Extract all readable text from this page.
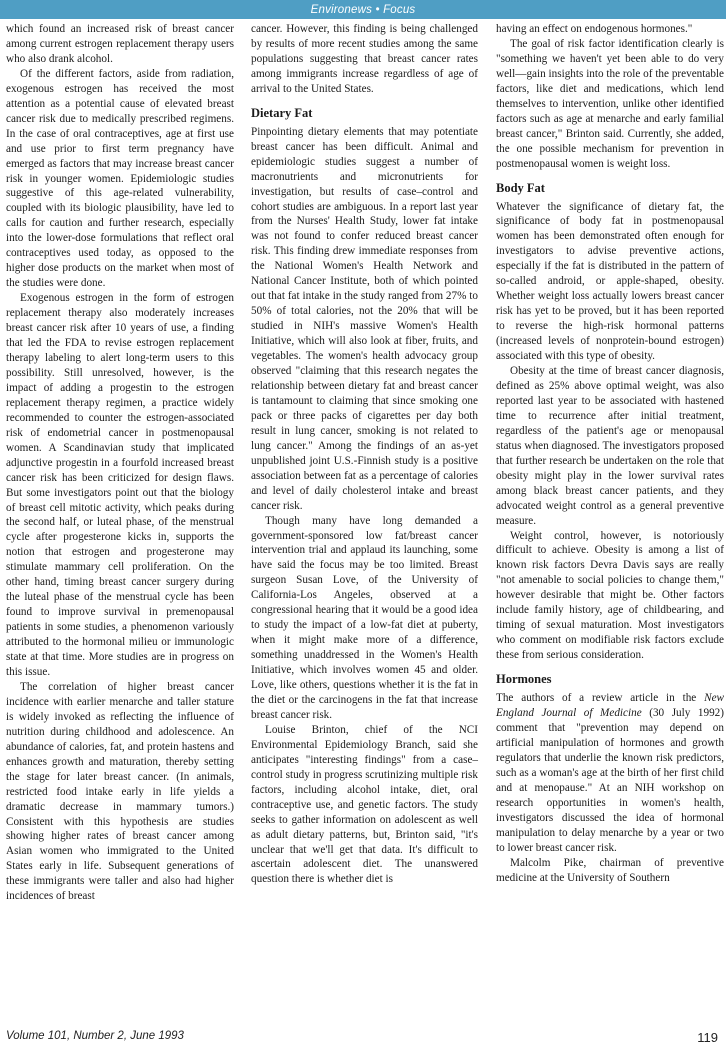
Environews • Focus

which found an increased risk of breast cancer among current estrogen replacement therapy users who also drank alcohol.

Of the different factors, aside from radiation, exogenous estrogen has received the most attention as a potential cause of elevated breast cancer risk due to medically prescribed regimens. In the case of oral contraceptives, age at first use and use prior to first term pregnancy have emerged as factors that may increase breast cancer risk in younger women. Epidemiologic studies suggestive of this age-related vulnerability, coupled with its biologic plausibility, have led to calls for caution and further research, especially into the lower-dose formulations that reflect oral contraceptives used today, as opposed to the higher dose products on the market when most of the studies were done.

Exogenous estrogen in the form of estrogen replacement therapy also moderately increases breast cancer risk after 10 years of use, a finding that led the FDA to revise estrogen replacement therapy labeling to alert long-term users to this possibility. Still unresolved, however, is the impact of adding a progestin to the estrogen replacement therapy regimen, a practice widely recommended to counter the estrogen-associated risk of endometrial cancer in postmenopausal women. A Scandinavian study that implicated adjunctive progestin in a fourfold increased breast cancer risk has been criticized for design flaws. But some investigators point out that the biology of breast cell mitotic activity, which peaks during the second half, or luteal phase, of the menstrual cycle after progesterone kicks in, supports the notion that estrogen and progesterone may stimulate mammary cell proliferation. On the other hand, timing breast cancer surgery during the luteal phase of the menstrual cycle has been found to improve survival in premenopausal patients in some studies, a phenomenon variously attributed to the hormonal milieu or immunologic state at that time. More studies are in progress on this issue.

The correlation of higher breast cancer incidence with earlier menarche and taller stature is widely invoked as reflecting the influence of nutrition during childhood and adolescence. An abundance of calories, fat, and protein hastens and enhances growth and maturation, thereby setting the stage for later breast cancer. (In animals, restricted food intake early in life yields a dramatic decrease in mammary tumors.) Consistent with this hypothesis are studies showing higher rates of breast cancer among Asian women who immigrated to the United States early in life. Subsequent generations of these immigrants were taller and also had higher incidences of breast

cancer. However, this finding is being challenged by results of more recent studies among the same populations suggesting that breast cancer rates among immigrants increase regardless of age of arrival to the United States.

Dietary Fat

Pinpointing dietary elements that may potentiate breast cancer has been difficult. Animal and epidemiologic studies suggest a number of macronutrients and micronutrients for investigation, but results of case–control and cohort studies are ambiguous. In a report last year from the Nurses' Health Study, lower fat intake was not found to confer reduced breast cancer risk. This finding drew immediate responses from the National Women's Health Network and National Cancer Institute, both of which pointed out that fat intake in the study ranged from 27% to 50% of total calories, not the 20% that will be studied in NIH's massive Women's Health Initiative, which will also look at fiber, fruits, and vegetables. The women's health advocacy group observed "claiming that this research negates the relationship between dietary fat and breast cancer is tantamount to claiming that since smoking one pack or three packs of cigarettes per day both result in lung cancer, smoking is not related to lung cancer." Among the findings of an as-yet unpublished joint U.S.-Finnish study is a positive association between fat as a percentage of calories and level of daily cholesterol intake and breast cancer risk.

Though many have long demanded a government-sponsored low fat/breast cancer intervention trial and applaud its launching, some have said the focus may be too limited. Breast surgeon Susan Love, of the University of California-Los Angeles, observed at a congressional hearing that it would be a good idea to study the impact of a low-fat diet at puberty, when it might make more of a difference, something unaddressed in the Women's Health Initiative, which involves women 45 and older. Love, like others, questions whether it is the fat in the diet or the carcinogens in the fat that increase breast cancer risk.

Louise Brinton, chief of the NCI Environmental Epidemiology Branch, said she anticipates "interesting findings" from a case–control study in progress scrutinizing multiple risk factors, including alcohol intake, diet, oral contraceptive use, and genetic factors. The study seeks to gather information on adolescent as well as adult dietary patterns, but, Brinton said, "it's unclear that we'll get that data. It's difficult to ascertain adolescent diet. The unanswered question there is whether diet is

having an effect on endogenous hormones."

The goal of risk factor identification clearly is "something we haven't yet been able to do very well—gain insights into the role of the preventable factors, like diet and medications, which lend themselves to intervention, unlike other identified factors such as age at menarche and early familial breast cancer," Brinton said. Currently, she added, the one possible mechanism for prevention in postmenopausal women is weight loss.

Body Fat

Whatever the significance of dietary fat, the significance of body fat in postmenopausal women has been demonstrated often enough for investigators to advise preventive actions, especially if the fat is distributed in the pattern of so-called android, or apple-shaped, obesity. Whether weight loss actually lowers breast cancer risk has yet to be proved, but it has been reported to reverse the high-risk hormonal patterns (increased levels of nonprotein-bound estrogen) associated with this type of obesity.

Obesity at the time of breast cancer diagnosis, defined as 25% above optimal weight, was also reported last year to be associated with hastened time to recurrence after initial treatment, regardless of the patient's age or menopausal status when diagnosed. The investigators proposed that further research be undertaken on the role that obesity might play in the lower survival rates among black breast cancer patients, and they advocated weight control as a general preventive measure.

Weight control, however, is notoriously difficult to achieve. Obesity is among a list of known risk factors Devra Davis says are really "not amenable to social policies to change them," however desirable that might be. Other factors include family history, age of childbearing, and timing of sexual maturation. Most investigators who comment on modifiable risk factors exclude these from serious consideration.

Hormones

The authors of a review article in the New England Journal of Medicine (30 July 1992) comment that "prevention may depend on artificial manipulation of hormones and growth regulators that underlie the known risk predictors, such as a woman's age at the birth of her first child and at menopause." At an NIH workshop on research opportunities in women's health, investigators discussed the idea of hormonal manipulation to delay menarche by a year or two to lower breast cancer risk.

Malcolm Pike, chairman of preventive medicine at the University of Southern

Volume 101, Number 2, June 1993	119
